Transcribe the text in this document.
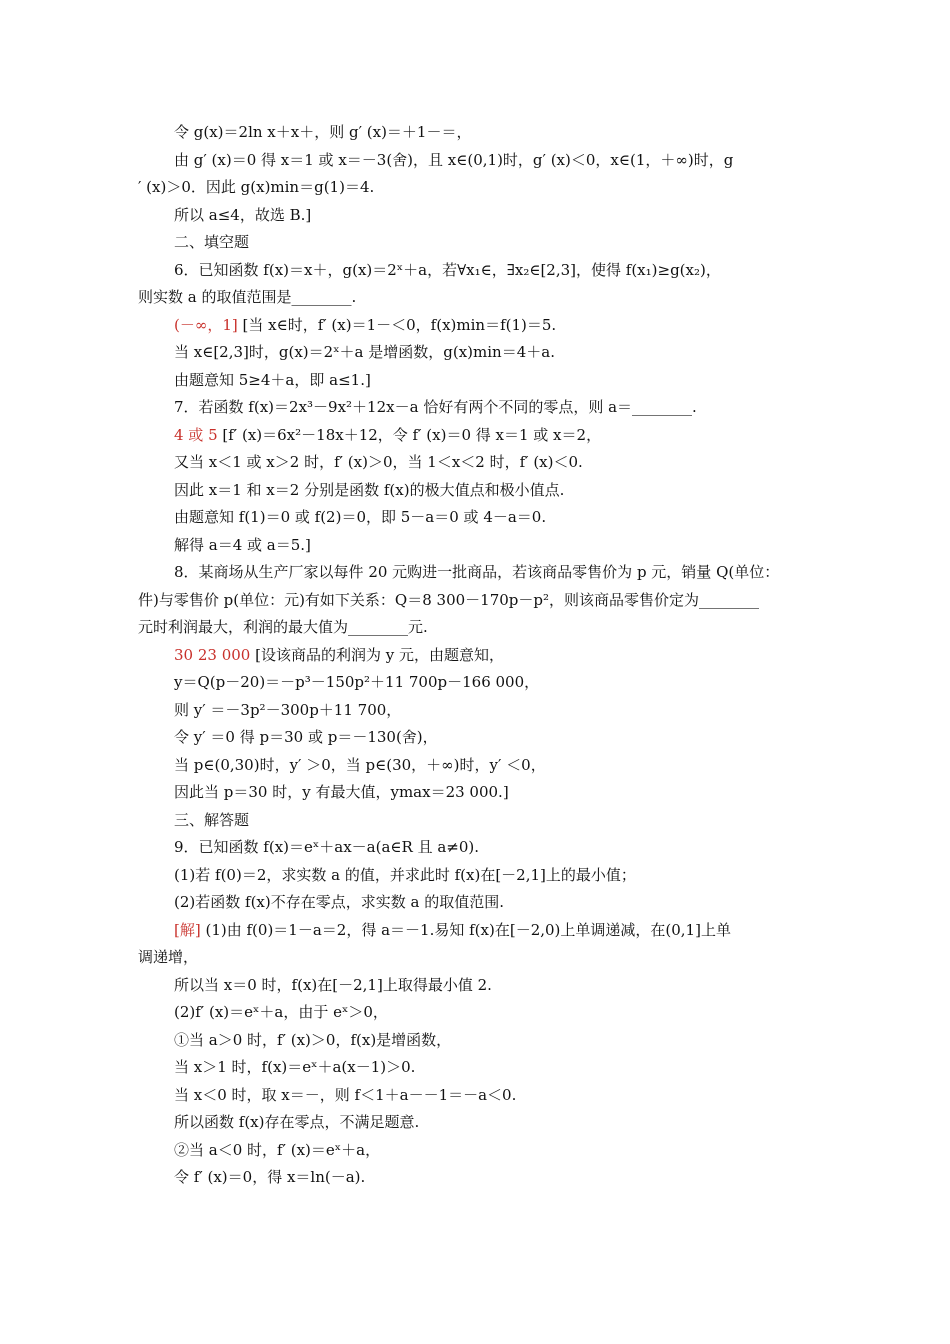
令 g(x)＝2ln x＋x＋，则 g′ (x)＝＋1－＝，
由 g′ (x)＝0 得 x＝1 或 x＝－3(舍)，且 x∈(0,1)时，g′ (x)＜0，x∈(1，＋∞)时，g
′ (x)＞0．因此 g(x)min＝g(1)＝4.
所以 a≤4，故选 B.]
二、填空题
6．已知函数 f(x)＝x＋，g(x)＝2ˣ＋a，若∀x₁∈，∃x₂∈[2,3]，使得 f(x₁)≥g(x₂)，
则实数 a 的取值范围是________.
(－∞，1] [当 x∈时，f′ (x)＝1－＜0，f(x)min＝f(1)＝5.
当 x∈[2,3]时，g(x)＝2ˣ＋a 是增函数，g(x)min＝4＋a.
由题意知 5≥4＋a，即 a≤1.]
7．若函数 f(x)＝2x³－9x²＋12x－a 恰好有两个不同的零点，则 a＝________.
4 或 5 [f′ (x)＝6x²－18x＋12，令 f′ (x)＝0 得 x＝1 或 x＝2，
又当 x＜1 或 x＞2 时，f′ (x)＞0，当 1＜x＜2 时，f′ (x)＜0.
因此 x＝1 和 x＝2 分别是函数 f(x)的极大值点和极小值点.
由题意知 f(1)＝0 或 f(2)＝0，即 5－a＝0 或 4－a＝0.
解得 a＝4 或 a＝5.]
8．某商场从生产厂家以每件 20 元购进一批商品，若该商品零售价为 p 元，销量 Q(单位：
件)与零售价 p(单位：元)有如下关系：Q＝8 300－170p－p²，则该商品零售价定为________
元时利润最大，利润的最大值为________元.
30 23 000 [设该商品的利润为 y 元，由题意知，
y＝Q(p－20)＝－p³－150p²＋11 700p－166 000，
则 y′ ＝－3p²－300p＋11 700，
令 y′ ＝0 得 p＝30 或 p＝－130(舍)，
当 p∈(0,30)时，y′ ＞0，当 p∈(30，＋∞)时，y′ ＜0，
因此当 p＝30 时，y 有最大值，ymax＝23 000.]
三、解答题
9．已知函数 f(x)＝eˣ＋ax－a(a∈R 且 a≠0).
(1)若 f(0)＝2，求实数 a 的值，并求此时 f(x)在[－2,1]上的最小值；
(2)若函数 f(x)不存在零点，求实数 a 的取值范围.
[解] (1)由 f(0)＝1－a＝2，得 a＝－1.易知 f(x)在[－2,0)上单调递减，在(0,1]上单
调递增，
所以当 x＝0 时，f(x)在[－2,1]上取得最小值 2.
(2)f′ (x)＝eˣ＋a，由于 eˣ＞0，
①当 a＞0 时，f′ (x)＞0，f(x)是增函数，
当 x＞1 时，f(x)＝eˣ＋a(x－1)＞0.
当 x＜0 时，取 x＝－，则 f＜1＋a－－1＝－a＜0.
所以函数 f(x)存在零点，不满足题意.
②当 a＜0 时，f′ (x)＝eˣ＋a，
令 f′ (x)＝0，得 x＝ln(－a).
